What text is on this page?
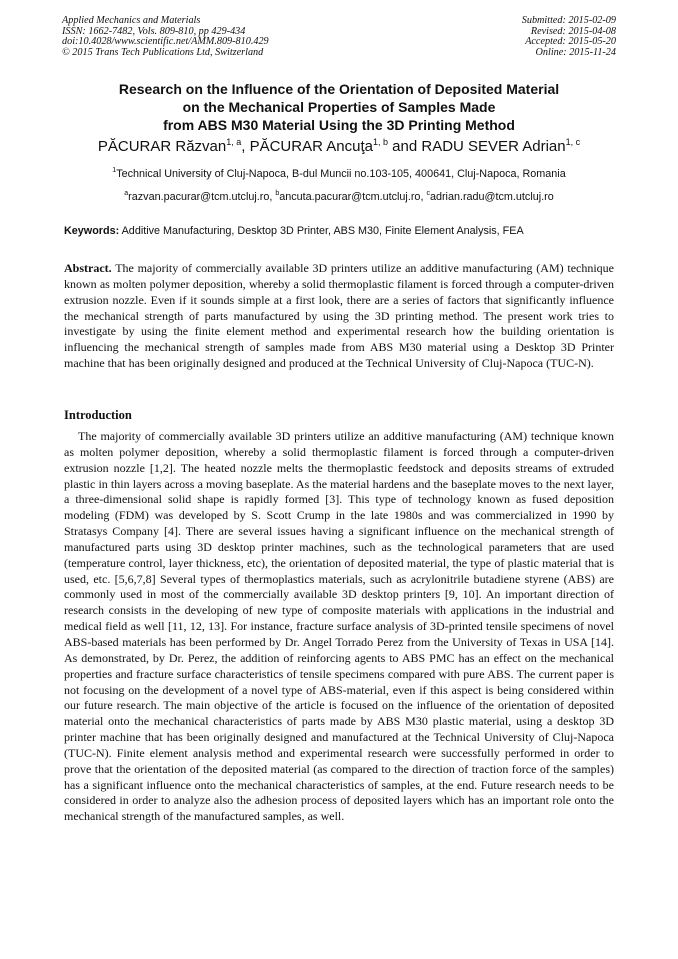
Applied Mechanics and Materials
ISSN: 1662-7482, Vols. 809-810, pp 429-434
doi:10.4028/www.scientific.net/AMM.809-810.429
© 2015 Trans Tech Publications Ltd, Switzerland
Submitted: 2015-02-09
Revised: 2015-04-08
Accepted: 2015-05-20
Online: 2015-11-24
Research on the Influence of the Orientation of Deposited Material
on the Mechanical Properties of Samples Made
from ABS M30 Material Using the 3D Printing Method
PĂCURAR Răzvan$^{1, a}$, PĂCURAR Ancuţa$^{1, b}$ and RADU SEVER Adrian$^{1, c}$
$^1$Technical University of Cluj-Napoca, B-dul Muncii no.103-105, 400641, Cluj-Napoca, Romania
$^a$razvan.pacurar@tcm.utcluj.ro, $^b$ancuta.pacurar@tcm.utcluj.ro, $^c$adrian.radu@tcm.utcluj.ro
Keywords: Additive Manufacturing, Desktop 3D Printer, ABS M30, Finite Element Analysis, FEA
Abstract. The majority of commercially available 3D printers utilize an additive manufacturing (AM) technique known as molten polymer deposition, whereby a solid thermoplastic filament is forced through a computer-driven extrusion nozzle. Even if it sounds simple at a first look, there are a series of factors that significantly influence the mechanical strength of parts manufactured by using the 3D printing method. The present work tries to investigate by using the finite element method and experimental research how the building orientation is influencing the mechanical strength of samples made from ABS M30 material using a Desktop 3D Printer machine that has been originally designed and produced at the Technical University of Cluj-Napoca (TUC-N).
Introduction
The majority of commercially available 3D printers utilize an additive manufacturing (AM) technique known as molten polymer deposition, whereby a solid thermoplastic filament is forced through a computer-driven extrusion nozzle [1,2]. The heated nozzle melts the thermoplastic feedstock and deposits streams of extruded plastic in thin layers across a moving baseplate. As the material hardens and the baseplate moves to the next layer, a three-dimensional solid shape is rapidly formed [3]. This type of technology known as fused deposition modeling (FDM) was developed by S. Scott Crump in the late 1980s and was commercialized in 1990 by Stratasys Company [4]. There are several issues having a significant influence on the mechanical strength of manufactured parts using 3D desktop printer machines, such as the technological parameters that are used (temperature control, layer thickness, etc), the orientation of deposited material, the type of plastic material that is used, etc. [5,6,7,8] Several types of thermoplastics materials, such as acrylonitrile butadiene styrene (ABS) are commonly used in most of the commercially available 3D desktop printers [9, 10]. An important direction of research consists in the developing of new type of composite materials with applications in the industrial and medical field as well [11, 12, 13]. For instance, fracture surface analysis of 3D-printed tensile specimens of novel ABS-based materials has been performed by Dr. Angel Torrado Perez from the University of Texas in USA [14]. As demonstrated, by Dr. Perez, the addition of reinforcing agents to ABS PMC has an effect on the mechanical properties and fracture surface characteristics of tensile specimens compared with pure ABS. The current paper is not focusing on the development of a novel type of ABS-material, even if this aspect is being considered within our future research. The main objective of the article is focused on the influence of the orientation of deposited material onto the mechanical characteristics of parts made by ABS M30 plastic material, using a desktop 3D printer machine that has been originally designed and manufactured at the Technical University of Cluj-Napoca (TUC-N). Finite element analysis method and experimental research were successfully performed in order to prove that the orientation of the deposited material (as compared to the direction of traction force of the samples) has a significant influence onto the mechanical characteristics of samples, at the end. Future research needs to be considered in order to analyze also the adhesion process of deposited layers which has an important role onto the mechanical strength of the manufactured samples, as well.
